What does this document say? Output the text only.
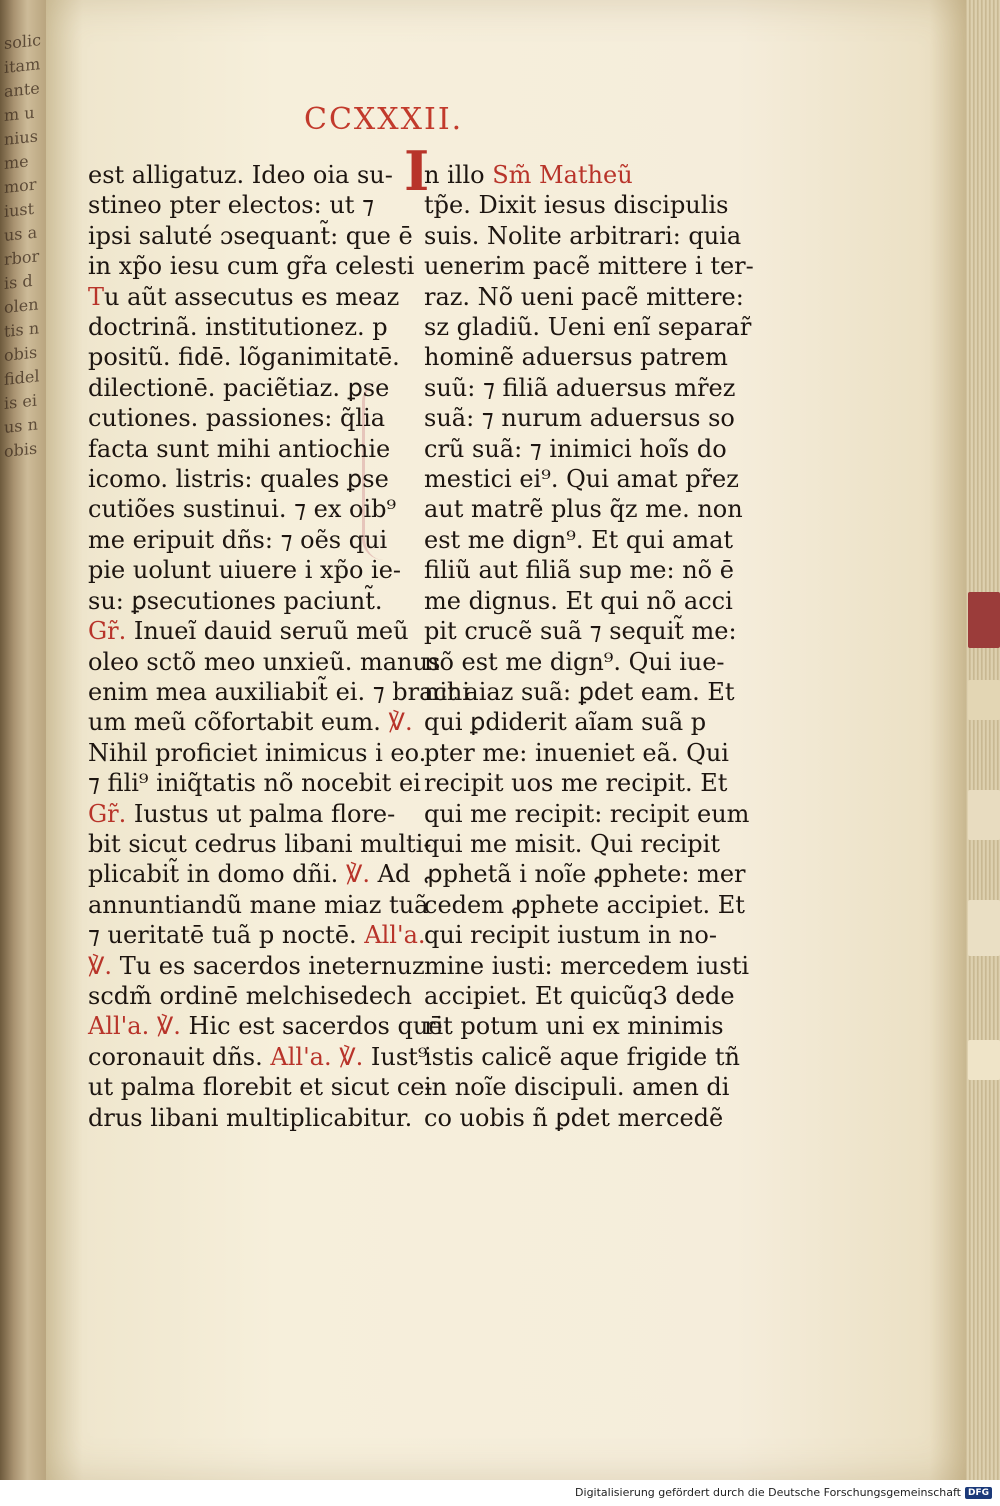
solicitam antem unius memor iustus arboris dolentis nobis fidelis eius nobis
CCXXXII.
I
est alligatuz. Ideo oia su-
stineo pter electos: ut ⁊
ipsi saluté ɔsequant̃: que ē
in xp̃o iesu cum gr̃a celesti
Tu aũt assecutus es meaz
doctrinã. institutionez. p
positũ. fidē. lõganimitatē.
dilectionē. paciẽtiaz. ꝑse
cutiones. passiones: q̃lia
facta sunt mihi antiochie
icomo. listris: quales ꝑse
cutiões sustinui. ⁊ ex oib⁹
me eripuit dñs: ⁊ oẽs qui
pie uolunt uiuere i xp̃o ie-
su: ꝑsecutiones paciunt̃.
Gr̃. Inueĩ dauid seruũ meũ
oleo sctõ meo unxieũ. manus
enim mea auxiliabit̃ ei. ⁊ brachi
um meũ cõfortabit eum. ℣.
Nihil proficiet inimicus i eo.
⁊ fili⁹ iniq̃tatis nõ nocebit ei
Gr̃. Iustus ut palma flore-
bit sicut cedrus libani multi-
plicabit̃ in domo dñi. ℣. Ad
annuntiandũ mane miaz tuã
⁊ ueritatē tuã p noctē. All'a.
℣. Tu es sacerdos ineternuz
scdm̃ ordinē melchisedech
All'a. ℣. Hic est sacerdos quē
coronauit dñs. All'a. ℣. Iust⁹
ut palma florebit et sicut ce-
drus libani multiplicabitur.
n illo Sm̃ Matheũ
tp̃e. Dixit iesus discipulis
suis. Nolite arbitrari: quia
uenerim pacẽ mittere i ter-
raz. Nõ ueni pacẽ mittere:
sz gladiũ. Ueni enĩ separar̃
hominẽ aduersus patrem
suũ: ⁊ filiã aduersus mr̃ez
suã: ⁊ nurum aduersus so
crũ suã: ⁊ inimici hoĩs do
mestici ei⁹. Qui amat pr̃ez
aut matrẽ plus q̃z me. non
est me dign⁹. Et qui amat
filiũ aut filiã sup me: nõ ē
me dignus. Et qui nõ acci
pit crucẽ suã ⁊ sequit̃ me:
nõ est me dign⁹. Qui iue-
nit aiaz suã: ꝑdet eam. Et
qui ꝑdiderit aĩam suã p
pter me: inueniet eã. Qui
recipit uos me recipit. Et
qui me recipit: recipit eum
qui me misit. Qui recipit
ꝓphetã i noĩe ꝓphete: mer
cedem ꝓphete accipiet. Et
qui recipit iustum in no-
mine iusti: mercedem iusti
accipiet. Et quicũq3 dede
rit potum uni ex minimis
istis calicẽ aque frigide tñ
in noĩe discipuli. amen di
co uobis ñ ꝑdet mercedẽ
Digitalisierung gefördert durch die Deutsche Forschungsgemeinschaft DFG
